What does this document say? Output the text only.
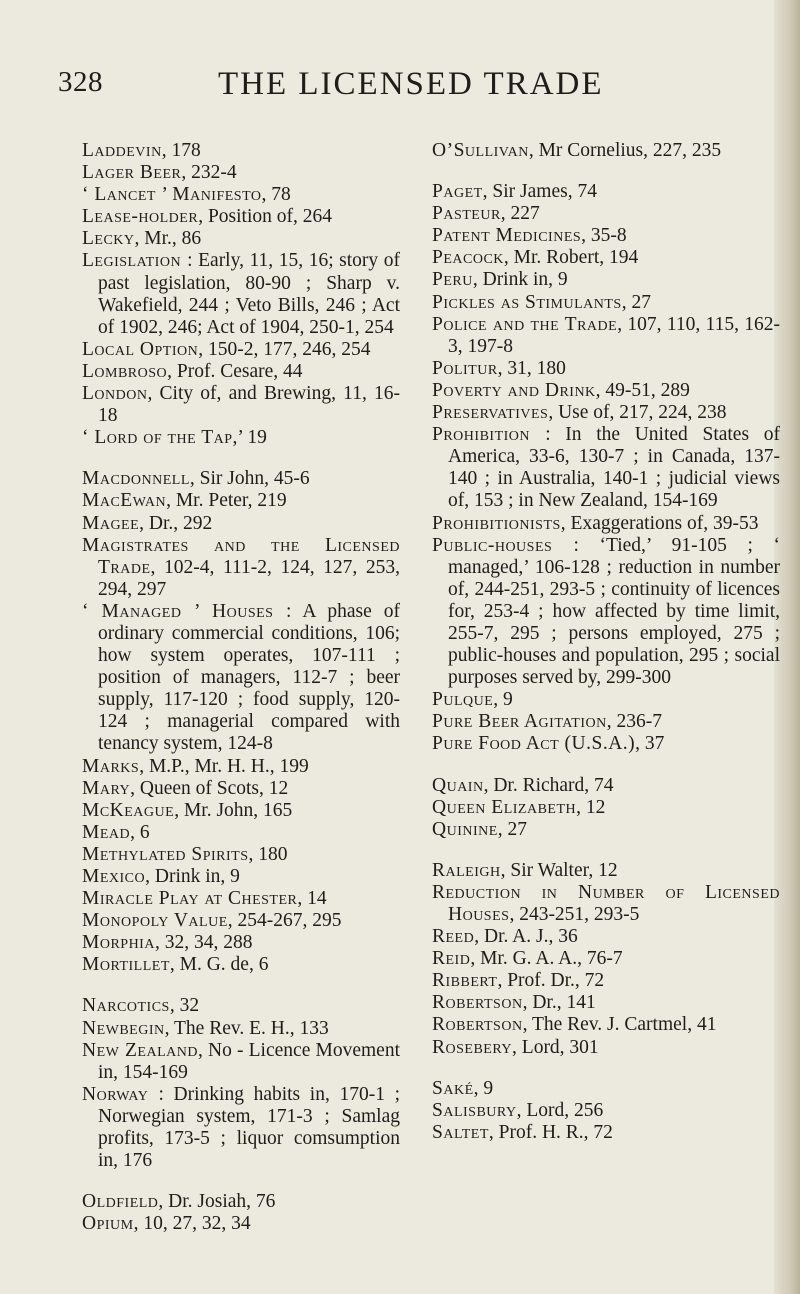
328	THE LICENSED TRADE
Laddevin, 178
Lager Beer, 232-4
‘ Lancet ’ Manifesto, 78
Lease-holder, Position of, 264
Lecky, Mr., 86
Legislation : Early, 11, 15, 16; story of past legislation, 80-90 ; Sharp v. Wakefield, 244 ; Veto Bills, 246 ; Act of 1902, 246; Act of 1904, 250-1, 254
Local Option, 150-2, 177, 246, 254
Lombroso, Prof. Cesare, 44
London, City of, and Brewing, 11, 16-18
‘ Lord of the Tap,’ 19
Macdonnell, Sir John, 45-6
MacEwan, Mr. Peter, 219
Magee, Dr., 292
Magistrates and the Licensed Trade, 102-4, 111-2, 124, 127, 253, 294, 297
‘ Managed ’ Houses : A phase of ordinary commercial conditions, 106; how system operates, 107-111 ; position of managers, 112-7 ; beer supply, 117-120 ; food supply, 120-124 ; managerial compared with tenancy system, 124-8
Marks, M.P., Mr. H. H., 199
Mary, Queen of Scots, 12
McKeague, Mr. John, 165
Mead, 6
Methylated Spirits, 180
Mexico, Drink in, 9
Miracle Play at Chester, 14
Monopoly Value, 254-267, 295
Morphia, 32, 34, 288
Mortillet, M. G. de, 6
Narcotics, 32
Newbegin, The Rev. E. H., 133
New Zealand, No - Licence Movement in, 154-169
Norway : Drinking habits in, 170-1 ; Norwegian system, 171-3 ; Samlag profits, 173-5 ; liquor comsumption in, 176
Oldfield, Dr. Josiah, 76
Opium, 10, 27, 32, 34
O’Sullivan, Mr Cornelius, 227, 235
Paget, Sir James, 74
Pasteur, 227
Patent Medicines, 35-8
Peacock, Mr. Robert, 194
Peru, Drink in, 9
Pickles as Stimulants, 27
Police and the Trade, 107, 110, 115, 162-3, 197-8
Politur, 31, 180
Poverty and Drink, 49-51, 289
Preservatives, Use of, 217, 224, 238
Prohibition : In the United States of America, 33-6, 130-7 ; in Canada, 137-140 ; in Australia, 140-1 ; judicial views of, 153 ; in New Zealand, 154-169
Prohibitionists, Exaggerations of, 39-53
Public-houses : ‘Tied,’ 91-105 ; ‘ managed,’ 106-128 ; reduction in number of, 244-251, 293-5 ; continuity of licences for, 253-4 ; how affected by time limit, 255-7, 295 ; persons employed, 275 ; public-houses and population, 295 ; social purposes served by, 299-300
Pulque, 9
Pure Beer Agitation, 236-7
Pure Food Act (U.S.A.), 37
Quain, Dr. Richard, 74
Queen Elizabeth, 12
Quinine, 27
Raleigh, Sir Walter, 12
Reduction in Number of Licensed Houses, 243-251, 293-5
Reed, Dr. A. J., 36
Reid, Mr. G. A. A., 76-7
Ribbert, Prof. Dr., 72
Robertson, Dr., 141
Robertson, The Rev. J. Cartmel, 41
Rosebery, Lord, 301
Saké, 9
Salisbury, Lord, 256
Saltet, Prof. H. R., 72
